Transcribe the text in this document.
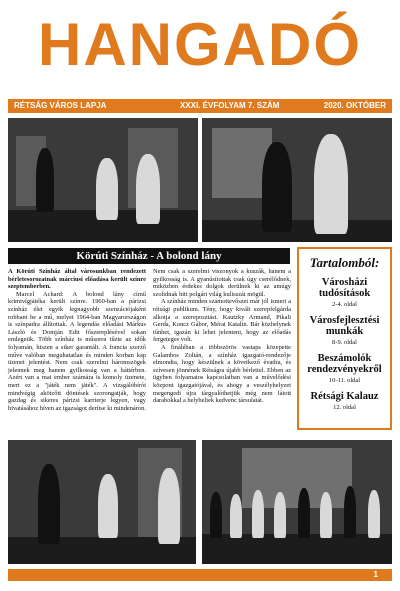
HANGADÓ
RÉTSÁG VÁROS LAPJA	XXXI. ÉVFOLYAM 7. SZÁM	2020. OKTÓBER
Körúti Színház - A bolond lány

A Körúti Színház által városunkban rendezett bérletesorozatnak márciusi előadása került színre szeptemberben.

Marcel Achard: A bolond lány című krimivígjátéka került színre. 1960-ban a párizsi színház élet egyik legnagyobb szenzációjaként robbant be a mű, melyet 1964-ban Magyarországon is színpadra állítottak. A legendás előadást Márkus László és Domján Edit főszereplésével sokan emlegetik. Több színház is műsorra tűzte az idők folyamán, hiszen a siker garantált. A francia szerző műve valóban meguhatatlan és minden korban kap üzenet jelentést. Nem csak szerelmi háromszögek jelennek meg hanem gyilkosság van a háttérben. Azért van a mai ember számára is komoly üzenete, mert ez a "játék nem játék". A vizsgálóbírót mindvégig akötzőtt döntések szorongatják, hogy gazdag és sikeres párizsi karrierje legyen, vagy hivatásához híven az igazságot derítse ki mindenáron.

Nem csak a szerelmi viszonyok a kuszák, hanem a gyilkosság is. A gyanúsítottak csak úgy cserélődnek, miközben érdekes dolgok derülnek ki az amúgy szolidnak hitt polgári világ kulisszái mögül.

A színház minden számottevőszet már jól ismeri a rétsági publikum. Tény, hogy kivált szerepfelgárda alkotja a szereposztást. Kautzky Armand, Pikali Gerda, Koncz Gábor, Mérai Katalin. Bár közhelynek tűnhet, igazán ki lehet jelenteni, hogy az előadás fergeteges volt.

A fináléban a többszörös vastaps közepette Galambos Zoltán, a színház igazgató-rendezője elmondta, hogy készülnek a következő évadra, és szívesen jönnének Rétságra újabb bérlettel. Ebben az ügyben folyamatos kapcsolatban van a művelődési központ igazgatójával, és ahogy a veszélyhelyzet megengedi újra tárgyalóthetjük még nem látott darabokkal a helybeliek kedvenc társulatát.

Tartalomból:
Városházi tudósítások
2-4. oldal
Városfejlesztési munkák
8-9. oldal
Beszámolók rendezvényekről
10-11. oldal
Rétsági Kalauz
12. oldal
1
